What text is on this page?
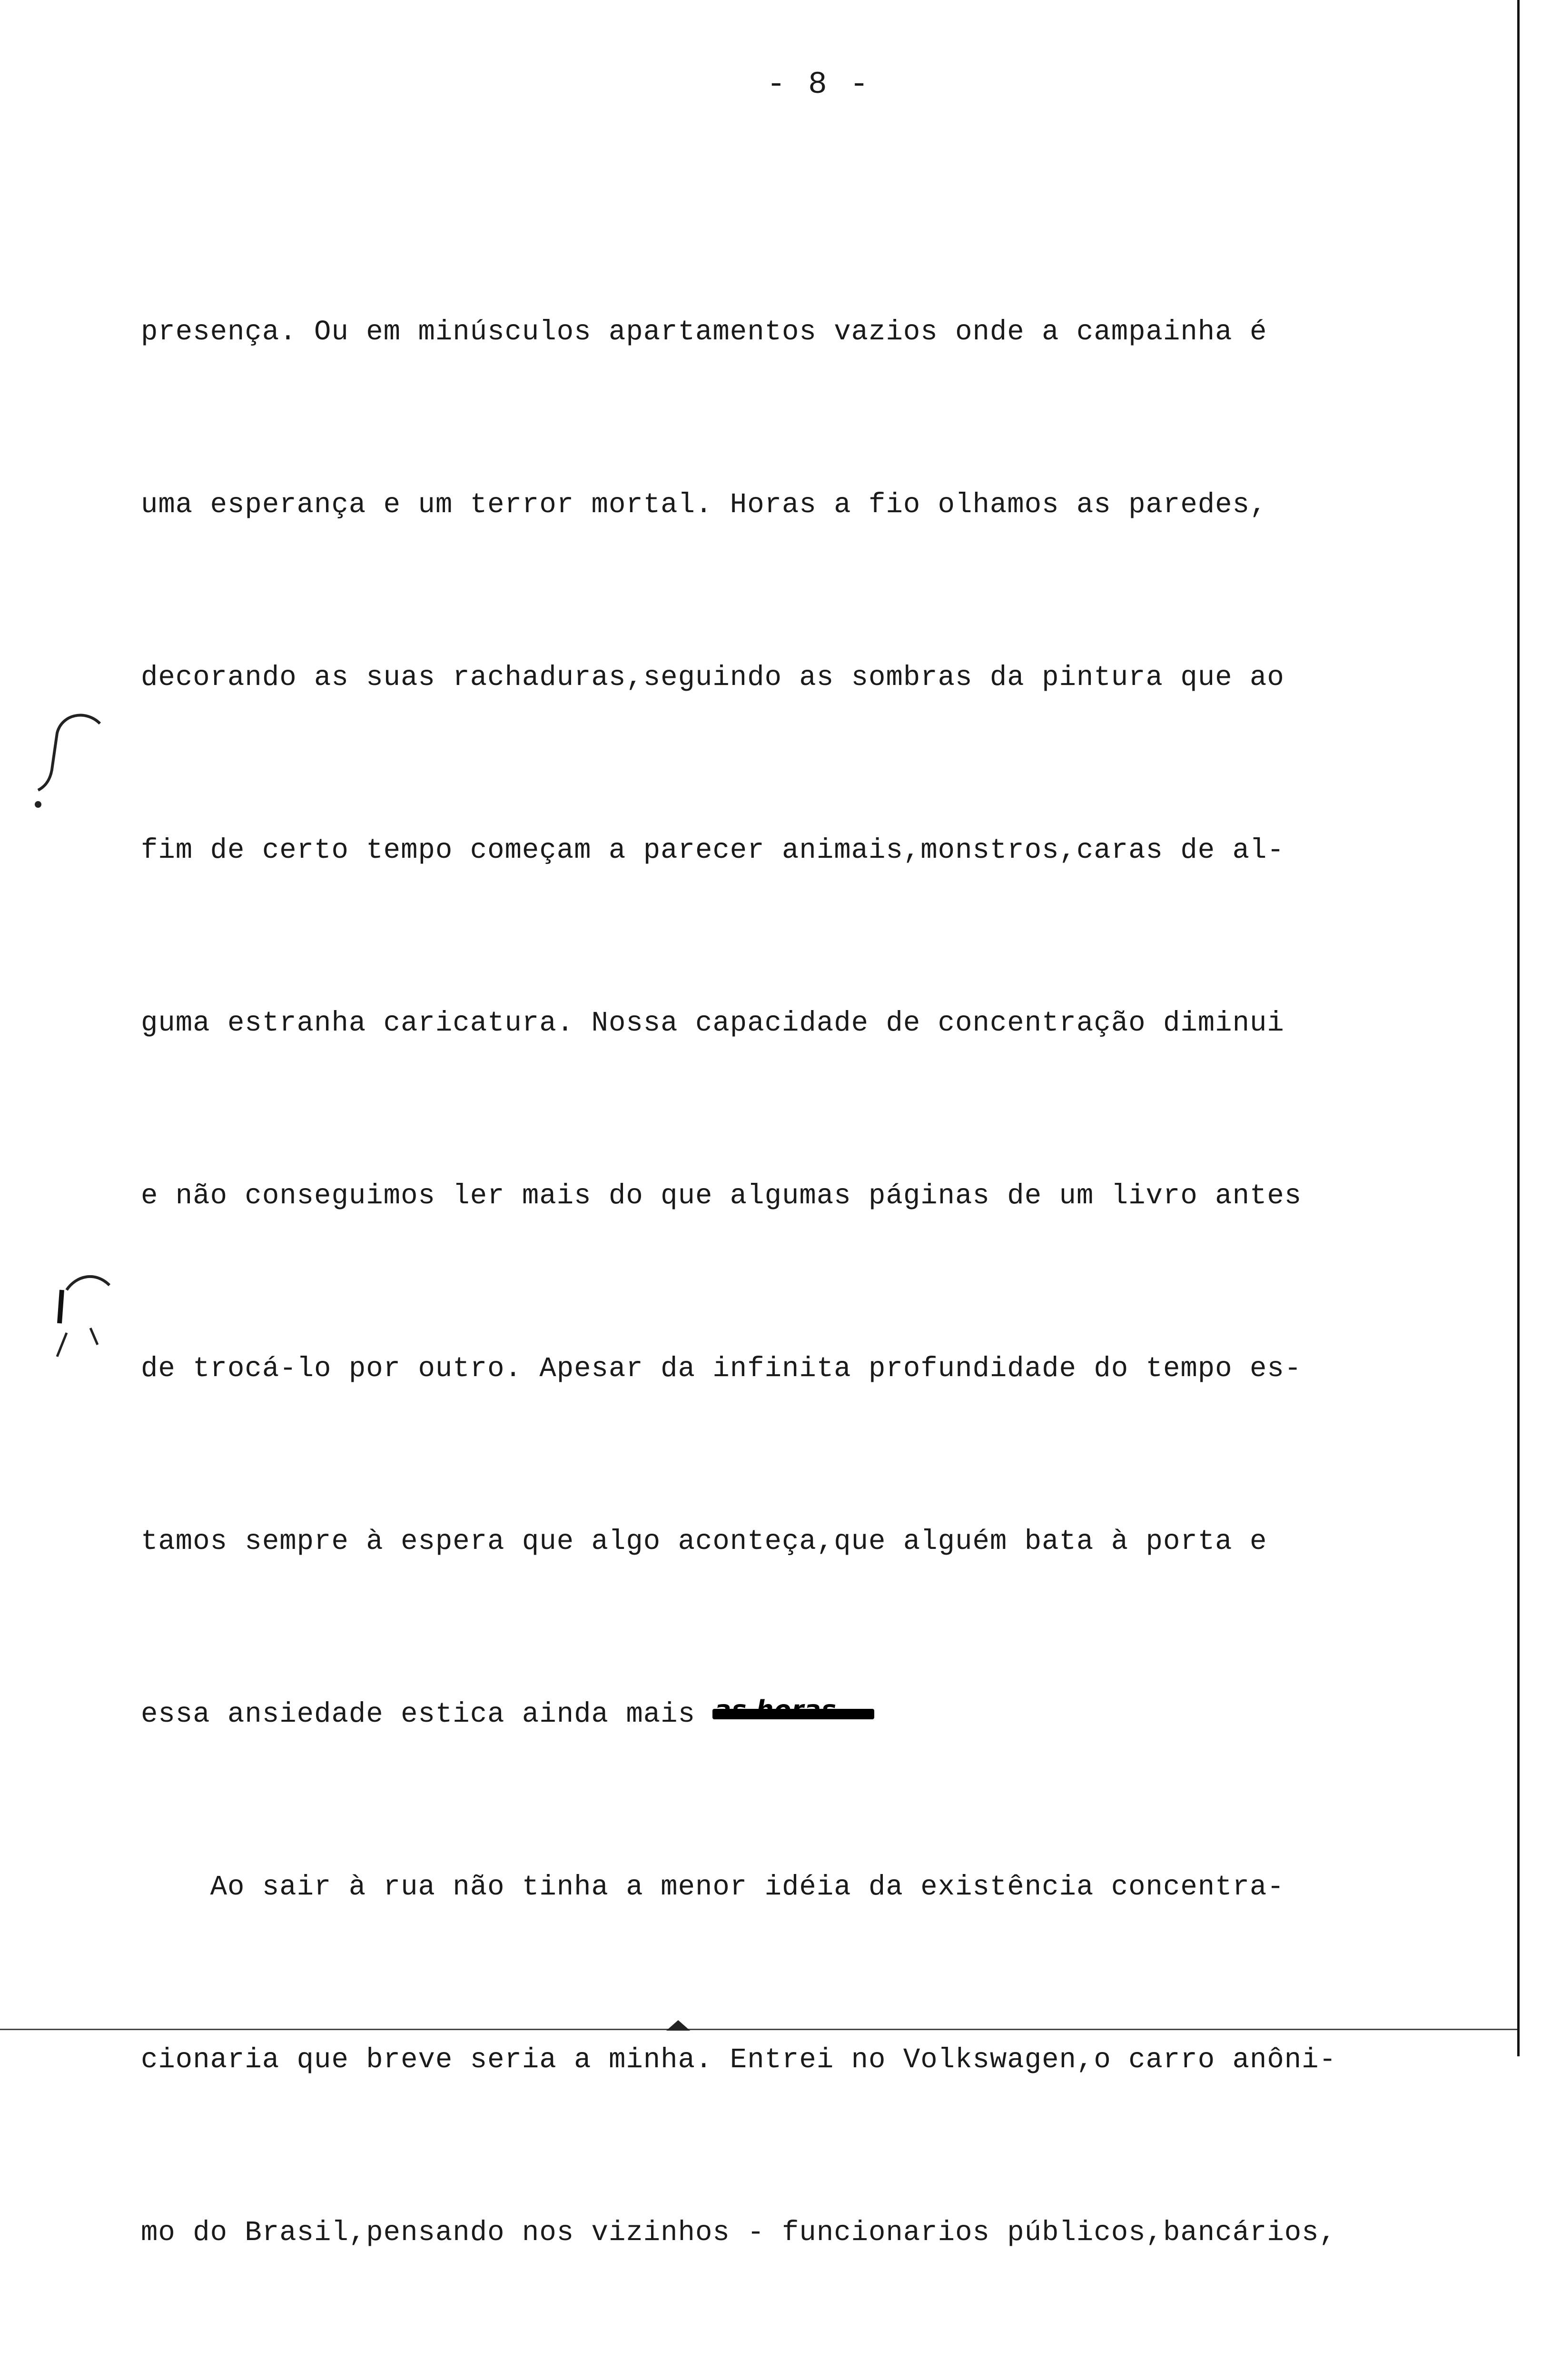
- 8 -

presença. Ou em minúsculos apartamentos vazios onde a campainha é

uma esperança e um terror mortal. Horas a fio olhamos as paredes,

decorando as suas rachaduras,seguindo as sombras da pintura que ao

fim de certo tempo começam a parecer animais,monstros,caras de al-

guma estranha caricatura. Nossa capacidade de concentração diminui

e não conseguimos ler mais do que algumas páginas de um livro antes

de trocá-lo por outro. Apesar da infinita profundidade do tempo es-

tamos sempre à espera que algo aconteça,que alguém bata à porta e

essa ansiedade estica ainda mais as horas

Ao sair à rua não tinha a menor idéia da existência concentra-

cionaria que breve seria a minha. Entrei no Volkswagen,o carro anôni-

mo do Brasil,pensando nos vizinhos - funcionarios públicos,bancários,
